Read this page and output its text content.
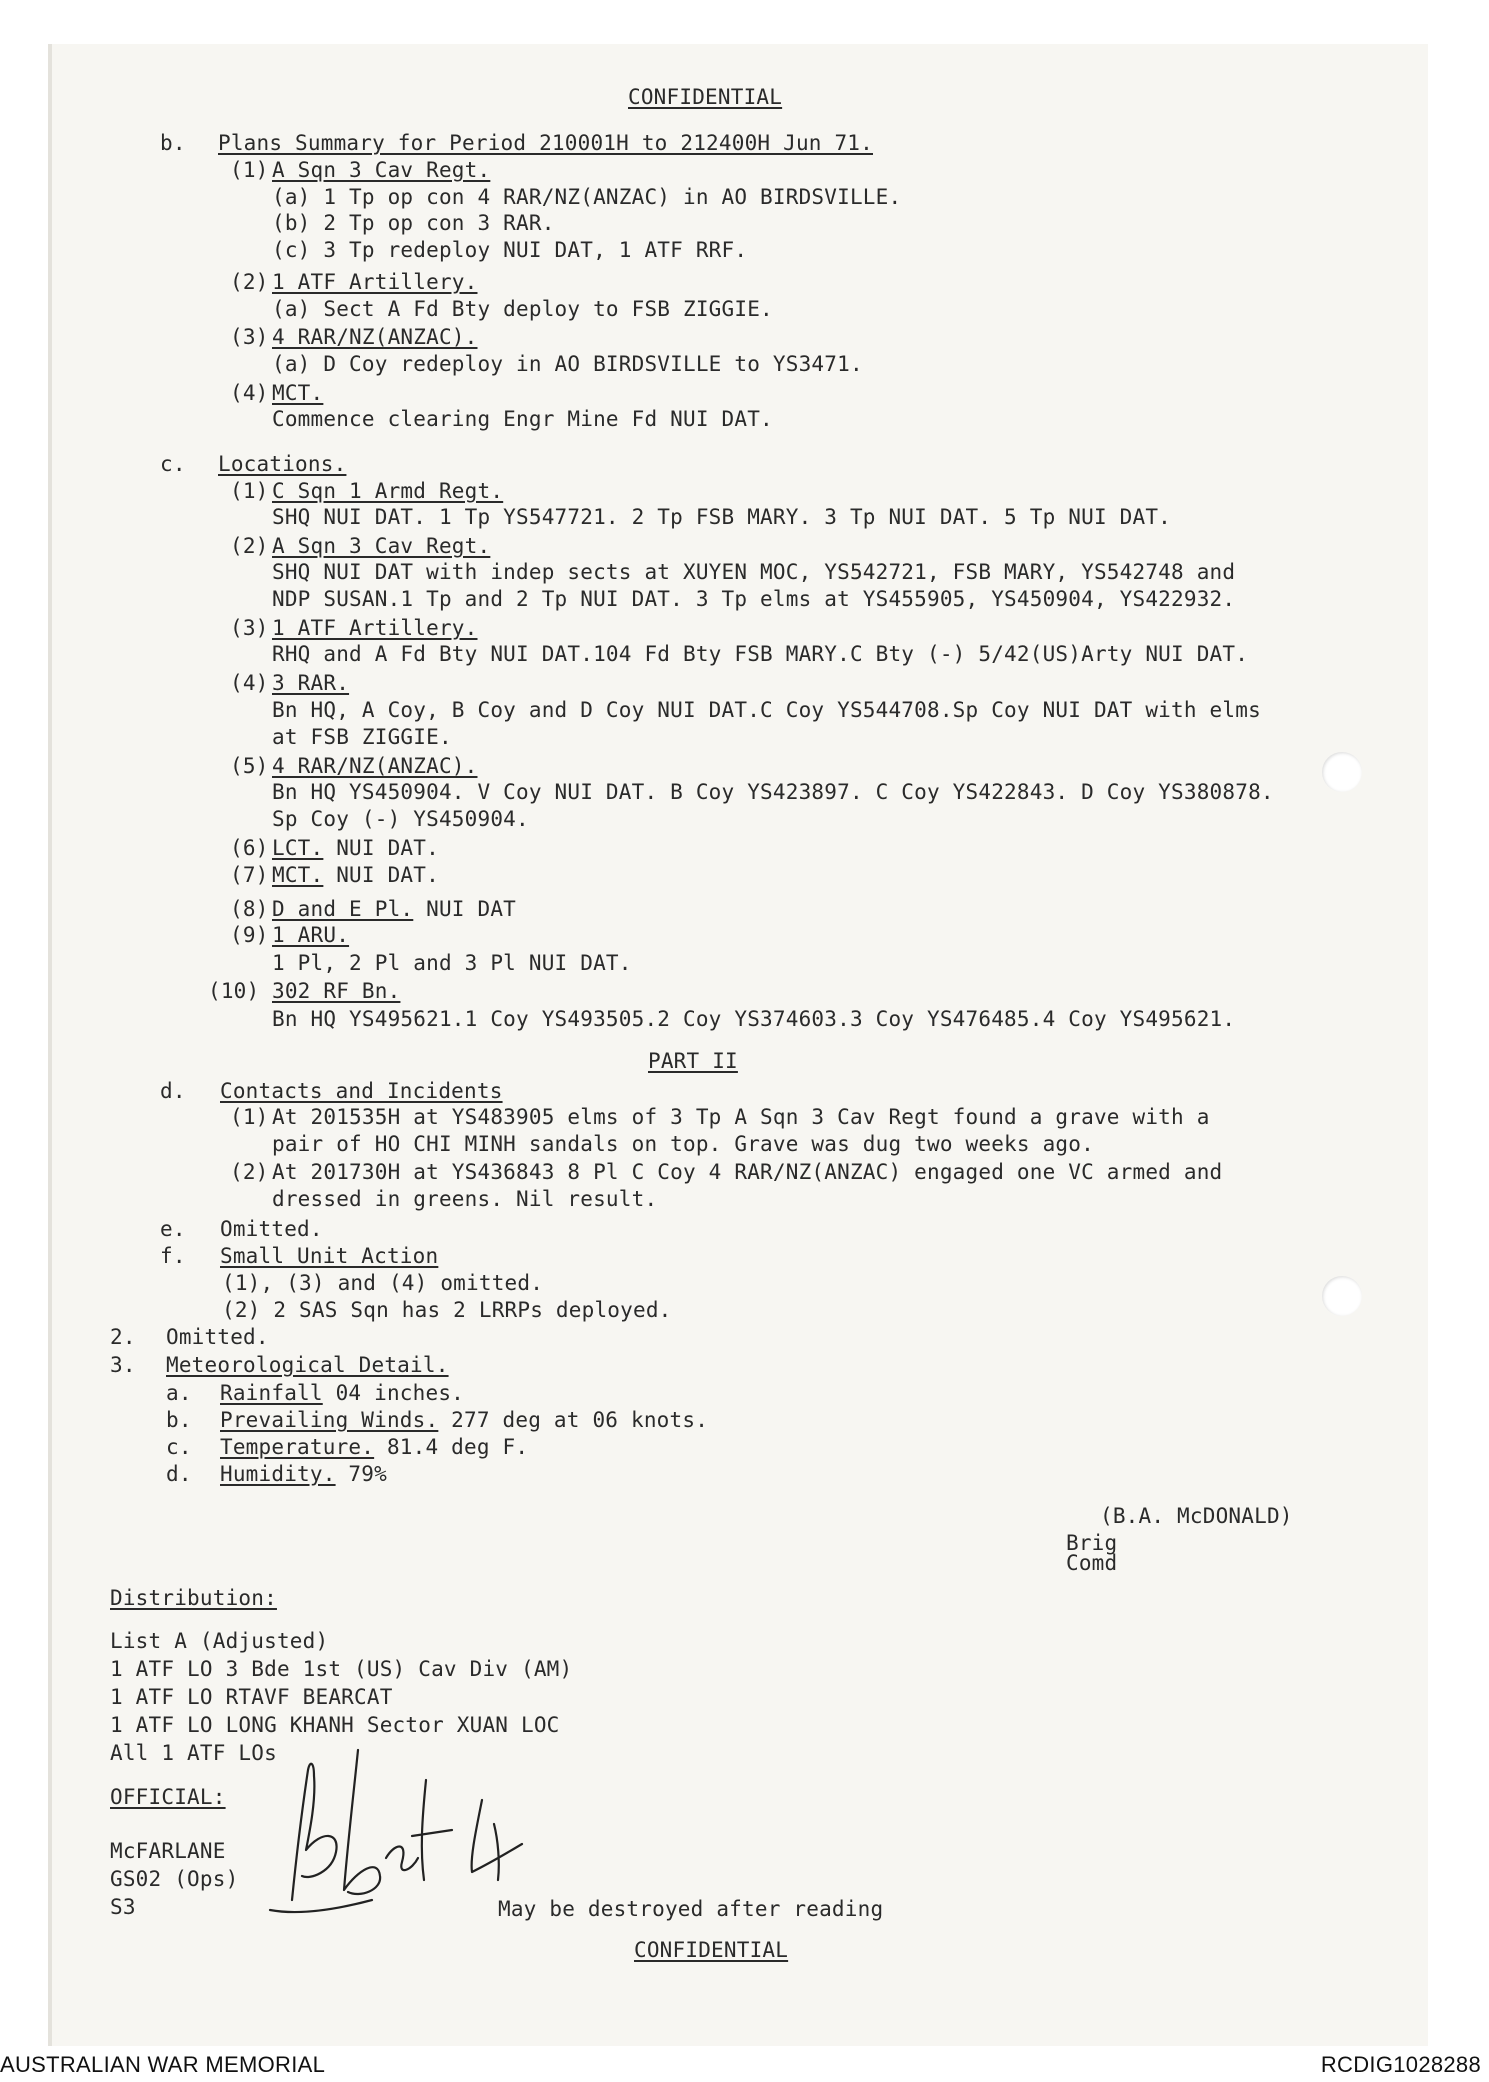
CONFIDENTIAL
b. Plans Summary for Period 210001H to 212400H Jun 71.
(1) A Sqn 3 Cav Regt.
(a) 1 Tp op con 4 RAR/NZ(ANZAC) in AO BIRDSVILLE.
(b) 2 Tp op con 3 RAR.
(c) 3 Tp redeploy NUI DAT, 1 ATF RRF.
(2) 1 ATF Artillery.
(a) Sect A Fd Bty deploy to FSB ZIGGIE.
(3) 4 RAR/NZ(ANZAC).
(a) D Coy redeploy in AO BIRDSVILLE to YS3471.
(4) MCT.
Commence clearing Engr Mine Fd NUI DAT.
c. Locations.
(1) C Sqn 1 Armd Regt.
SHQ NUI DAT. 1 Tp YS547721. 2 Tp FSB MARY. 3 Tp NUI DAT. 5 Tp NUI DAT.
(2) A Sqn 3 Cav Regt.
SHQ NUI DAT with indep sects at XUYEN MOC, YS542721, FSB MARY, YS542748 and
NDP SUSAN.1 Tp and 2 Tp NUI DAT. 3 Tp elms at YS455905, YS450904, YS422932.
(3) 1 ATF Artillery.
RHQ and A Fd Bty NUI DAT.104 Fd Bty FSB MARY.C Bty (-) 5/42(US)Arty NUI DAT.
(4) 3 RAR.
Bn HQ, A Coy, B Coy and D Coy NUI DAT.C Coy YS544708.Sp Coy NUI DAT with elms
at FSB ZIGGIE.
(5) 4 RAR/NZ(ANZAC).
Bn HQ YS450904. V Coy NUI DAT. B Coy YS423897. C Coy YS422843. D Coy YS380878.
Sp Coy (-) YS450904.
(6) LCT. NUI DAT.
(7) MCT. NUI DAT.
(8) D and E Pl. NUI DAT
(9) 1 ARU.
1 Pl, 2 Pl and 3 Pl NUI DAT.
(10) 302 RF Bn.
Bn HQ YS495621.1 Coy YS493505.2 Coy YS374603.3 Coy YS476485.4 Coy YS495621.
PART II
d. Contacts and Incidents
(1) At 201535H at YS483905 elms of 3 Tp A Sqn 3 Cav Regt found a grave with a
pair of HO CHI MINH sandals on top. Grave was dug two weeks ago.
(2) At 201730H at YS436843 8 Pl C Coy 4 RAR/NZ(ANZAC) engaged one VC armed and
dressed in greens. Nil result.
e. Omitted.
f. Small Unit Action
(1), (3) and (4) omitted.
(2) 2 SAS Sqn has 2 LRRPs deployed.
2. Omitted.
3. Meteorological Detail.
a. Rainfall 04 inches.
b. Prevailing Winds. 277 deg at 06 knots.
c. Temperature. 81.4 deg F.
d. Humidity. 79%
(B.A. McDONALD)
Brig
Comd
Distribution:
List A (Adjusted)
1 ATF LO 3 Bde 1st (US) Cav Div (AM)
1 ATF LO RTAVF BEARCAT
1 ATF LO LONG KHANH Sector XUAN LOC
All 1 ATF LOs
OFFICIAL:
McFARLANE
GS02 (Ops)
S3	May be destroyed after reading
CONFIDENTIAL
AUSTRALIAN WAR MEMORIAL	RCDIG1028288
